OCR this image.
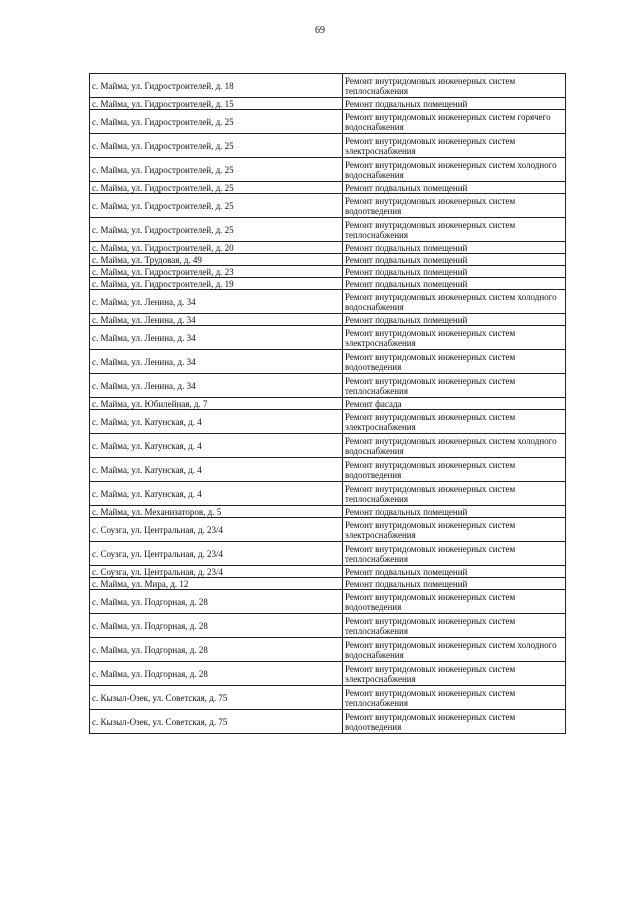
69
с. Майма, ул. Гидростроителей, д. 18	Ремонт внутридомовых инженерных систем теплоснабжения
с. Майма, ул. Гидростроителей, д. 15	Ремонт подвальных помещений
с. Майма, ул. Гидростроителей, д. 25	Ремонт внутридомовых инженерных систем горячего водоснабжения
с. Майма, ул. Гидростроителей, д. 25	Ремонт внутридомовых инженерных систем электроснабжения
с. Майма, ул. Гидростроителей, д. 25	Ремонт внутридомовых инженерных систем холодного водоснабжения
с. Майма, ул. Гидростроителей, д. 25	Ремонт подвальных помещений
с. Майма, ул. Гидростроителей, д. 25	Ремонт внутридомовых инженерных систем водоотведения
с. Майма, ул. Гидростроителей, д. 25	Ремонт внутридомовых инженерных систем теплоснабжения
с. Майма, ул. Гидростроителей, д. 20	Ремонт подвальных помещений
с. Майма, ул. Трудовая, д. 49	Ремонт подвальных помещений
с. Майма, ул. Гидростроителей, д. 23	Ремонт подвальных помещений
с. Майма, ул. Гидростроителей, д. 19	Ремонт подвальных помещений
с. Майма, ул. Ленина, д. 34	Ремонт внутридомовых инженерных систем холодного водоснабжения
с. Майма, ул. Ленина, д. 34	Ремонт подвальных помещений
с. Майма, ул. Ленина, д. 34	Ремонт внутридомовых инженерных систем электроснабжения
с. Майма, ул. Ленина, д. 34	Ремонт внутридомовых инженерных систем водоотведения
с. Майма, ул. Ленина, д. 34	Ремонт внутридомовых инженерных систем теплоснабжения
с. Майма, ул. Юбилейная, д. 7	Ремонт фасада
с. Майма, ул. Катунская, д. 4	Ремонт внутридомовых инженерных систем электроснабжения
с. Майма, ул. Катунская, д. 4	Ремонт внутридомовых инженерных систем холодного водоснабжения
с. Майма, ул. Катунская, д. 4	Ремонт внутридомовых инженерных систем водоотведения
с. Майма, ул. Катунская, д. 4	Ремонт внутридомовых инженерных систем теплоснабжения
с. Майма, ул. Механизаторов, д. 5	Ремонт подвальных помещений
с. Соузга, ул. Центральная, д. 23/4	Ремонт внутридомовых инженерных систем электроснабжения
с. Соузга, ул. Центральная, д. 23/4	Ремонт внутридомовых инженерных систем теплоснабжения
с. Соузга, ул. Центральная, д. 23/4	Ремонт подвальных помещений
с. Майма, ул. Мира, д. 12	Ремонт подвальных помещений
с. Майма, ул. Подгорная, д. 28	Ремонт внутридомовых инженерных систем водоотведения
с. Майма, ул. Подгорная, д. 28	Ремонт внутридомовых инженерных систем теплоснабжения
с. Майма, ул. Подгорная, д. 28	Ремонт внутридомовых инженерных систем холодного водоснабжения
с. Майма, ул. Подгорная, д. 28	Ремонт внутридомовых инженерных систем электроснабжения
с. Кызыл-Озек, ул. Советская, д. 75	Ремонт внутридомовых инженерных систем теплоснабжения
с. Кызыл-Озек, ул. Советская, д. 75	Ремонт внутридомовых инженерных систем водоотведения
